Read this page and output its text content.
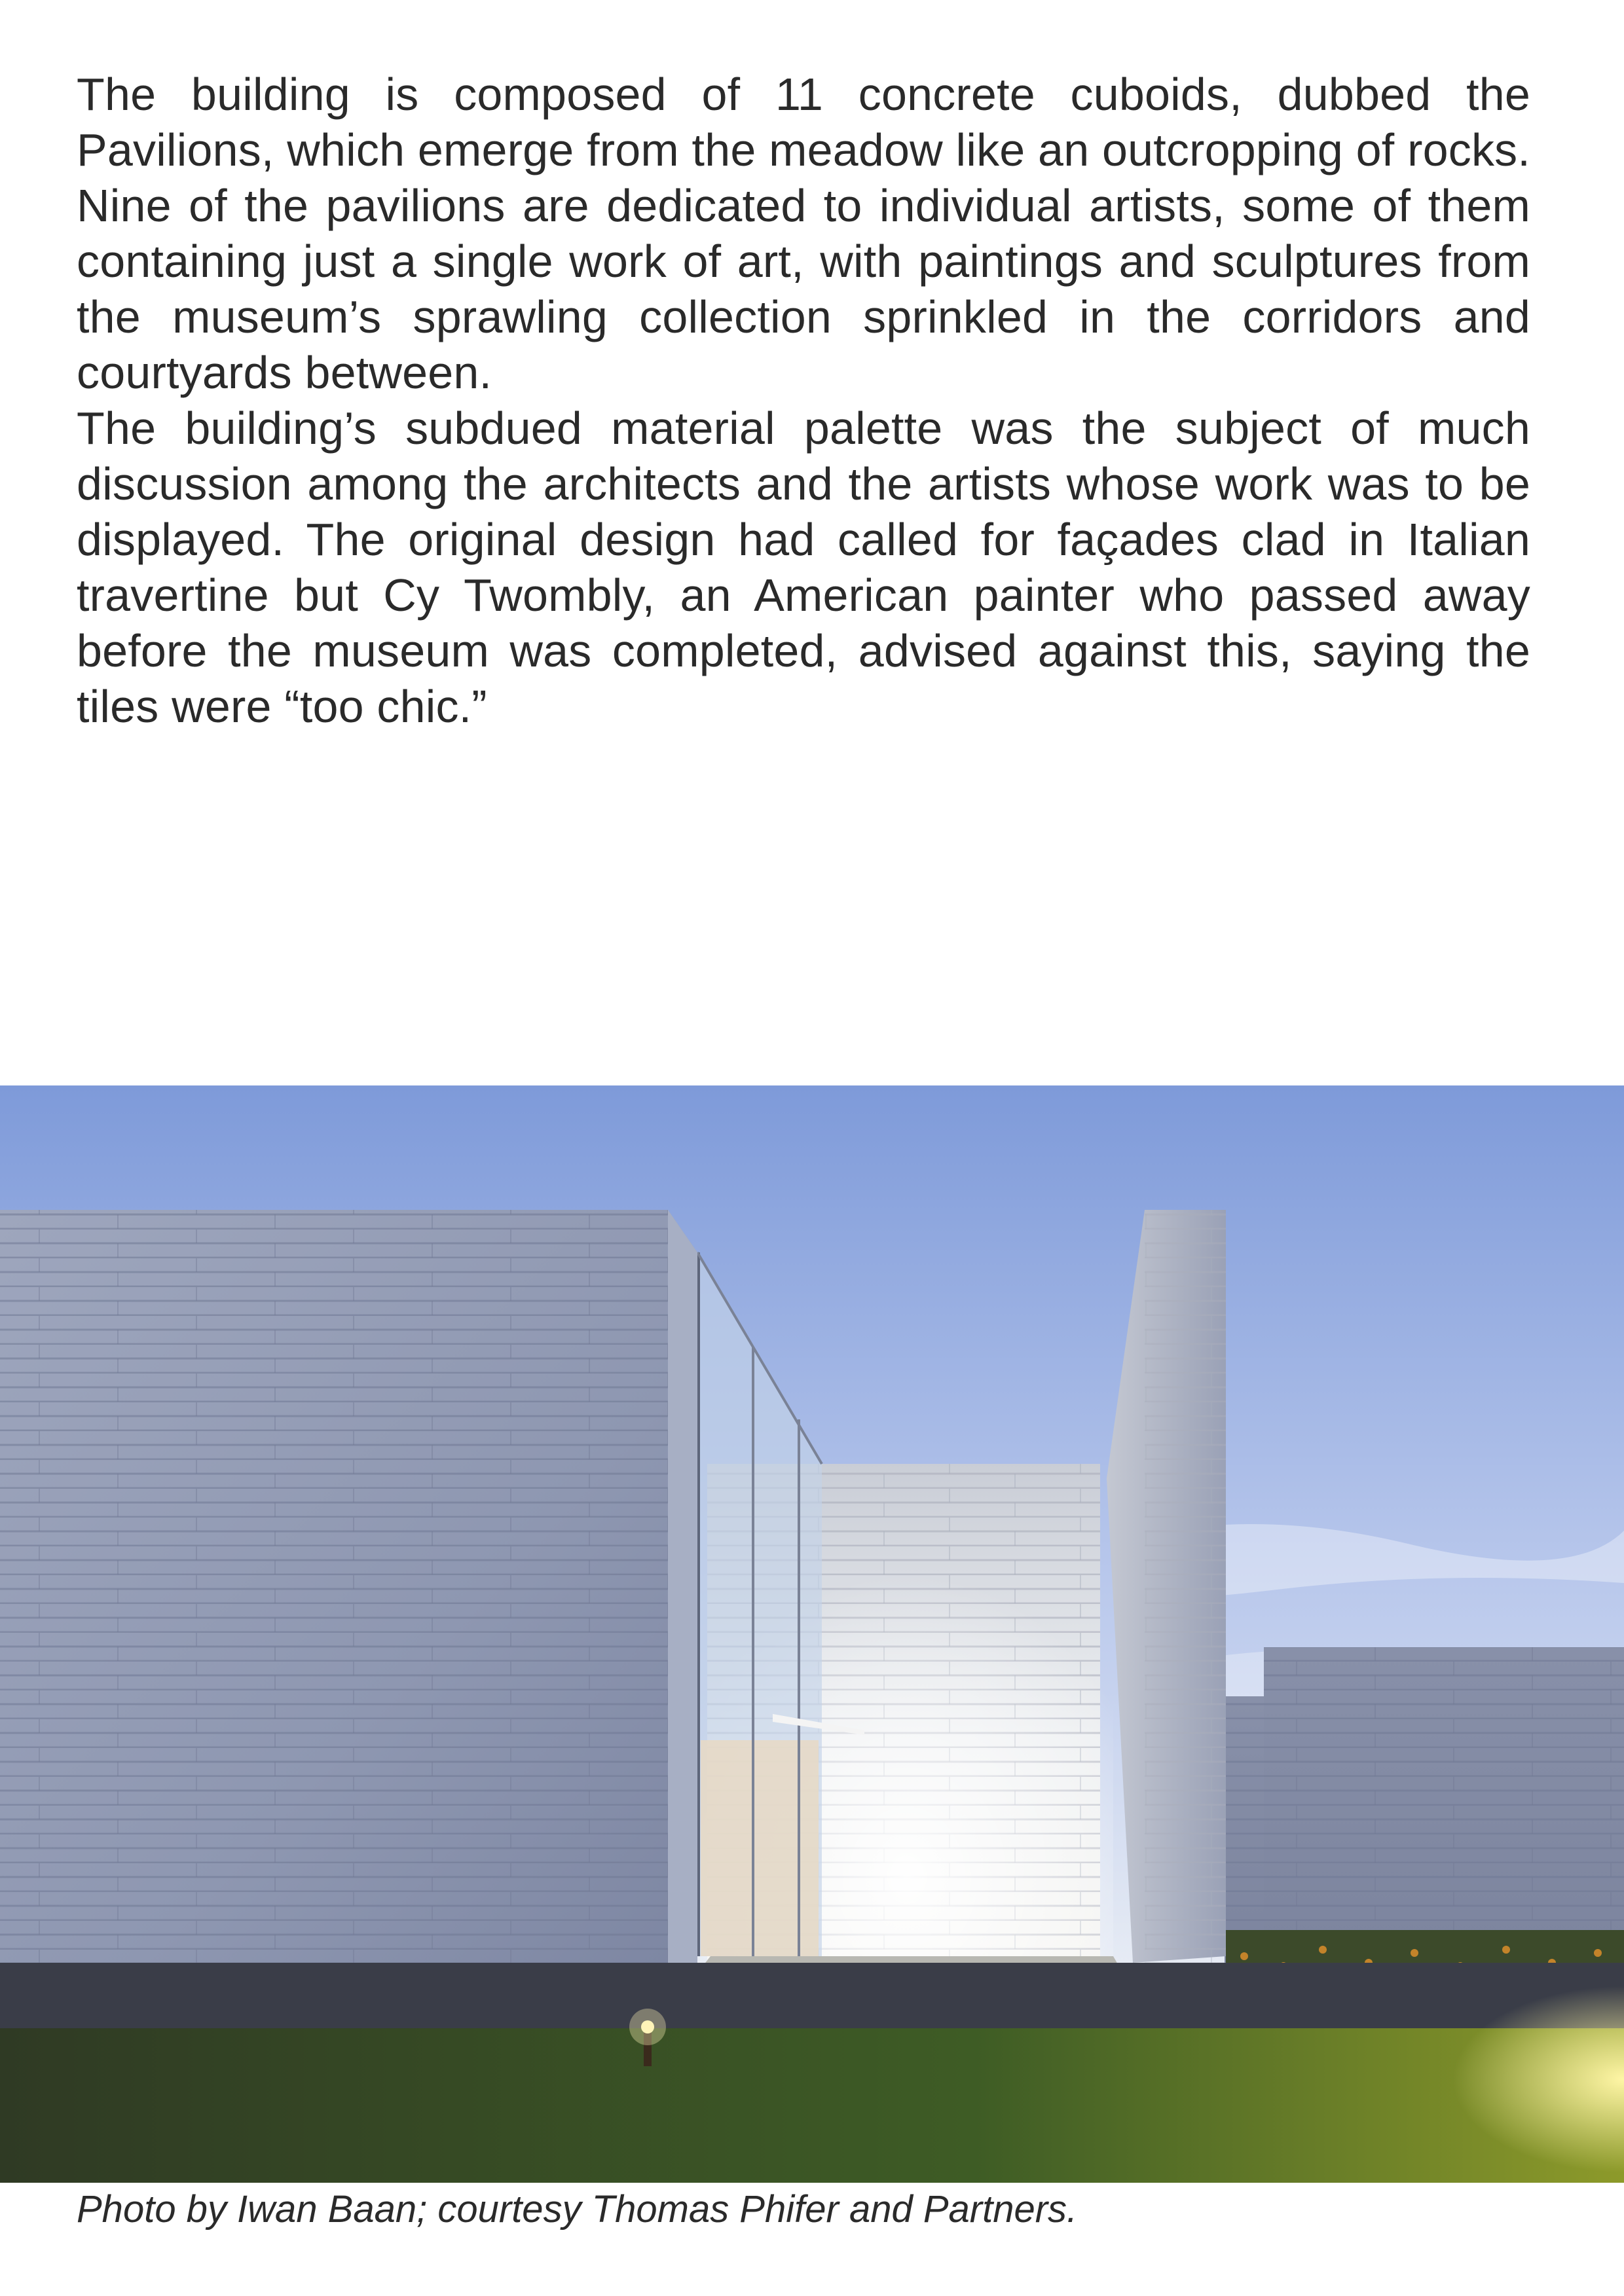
The building is composed of 11 concrete cuboids, dubbed the Pavilions, which emerge from the meadow like an outcropping of rocks. Nine of the pavilions are dedicated to individual artists, some of them containing just a single work of art, with paintings and sculptures from the museum’s sprawling collection sprinkled in the corridors and courtyards between.

The building’s subdued material palette was the subject of much discussion among the architects and the artists whose work was to be displayed. The original design had called for façades clad in Italian travertine but Cy Twombly, an American painter who passed away before the museum was completed, advised against this, saying the tiles were “too chic.”

Photo by Iwan Baan; courtesy Thomas Phifer and Partners.
